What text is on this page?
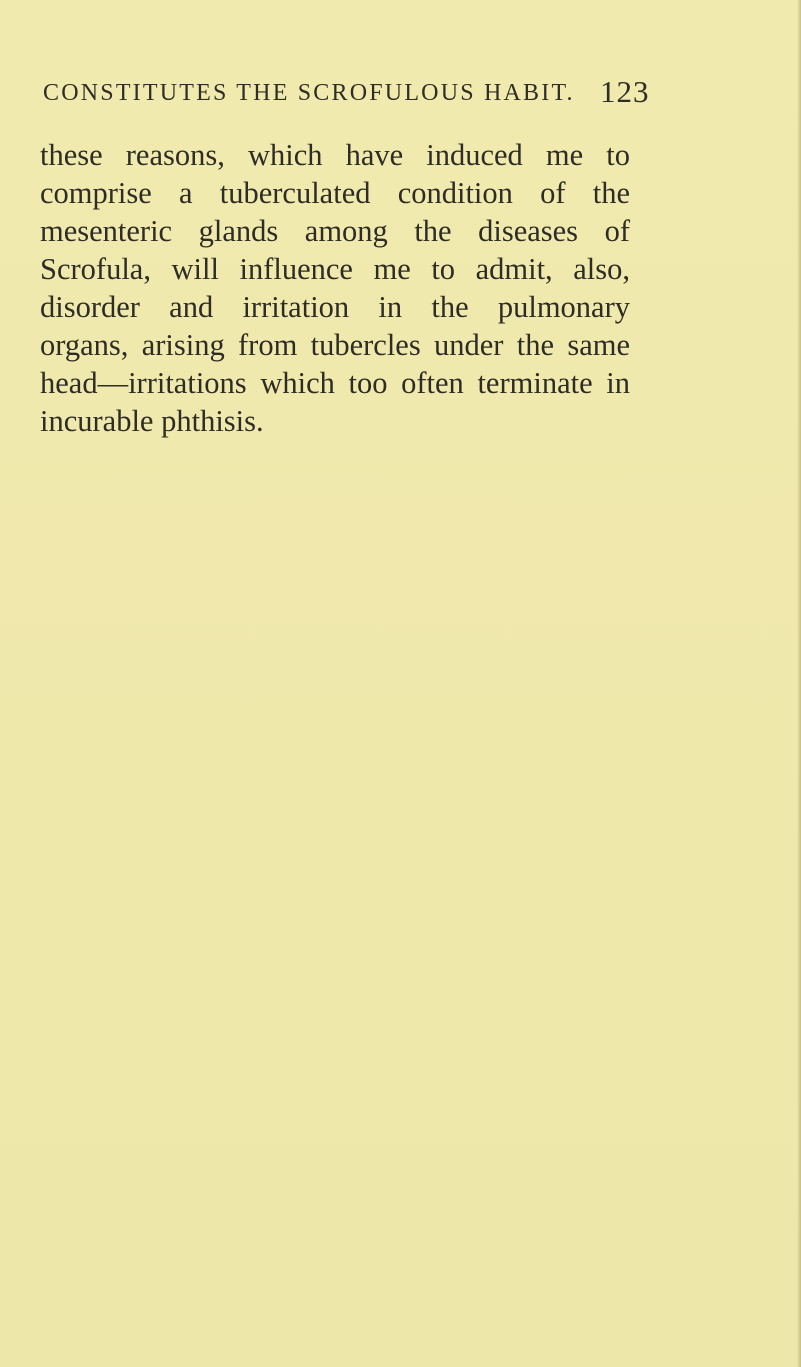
CONSTITUTES THE SCROFULOUS HABIT. 123
these reasons, which have induced me to
comprise a tuberculated condition of the
mesenteric glands among the diseases of
Scrofula, will influence me to admit, also,
disorder and irritation in the pulmonary
organs, arising from tubercles under the same
head—irritations which too often terminate in
incurable phthisis.
